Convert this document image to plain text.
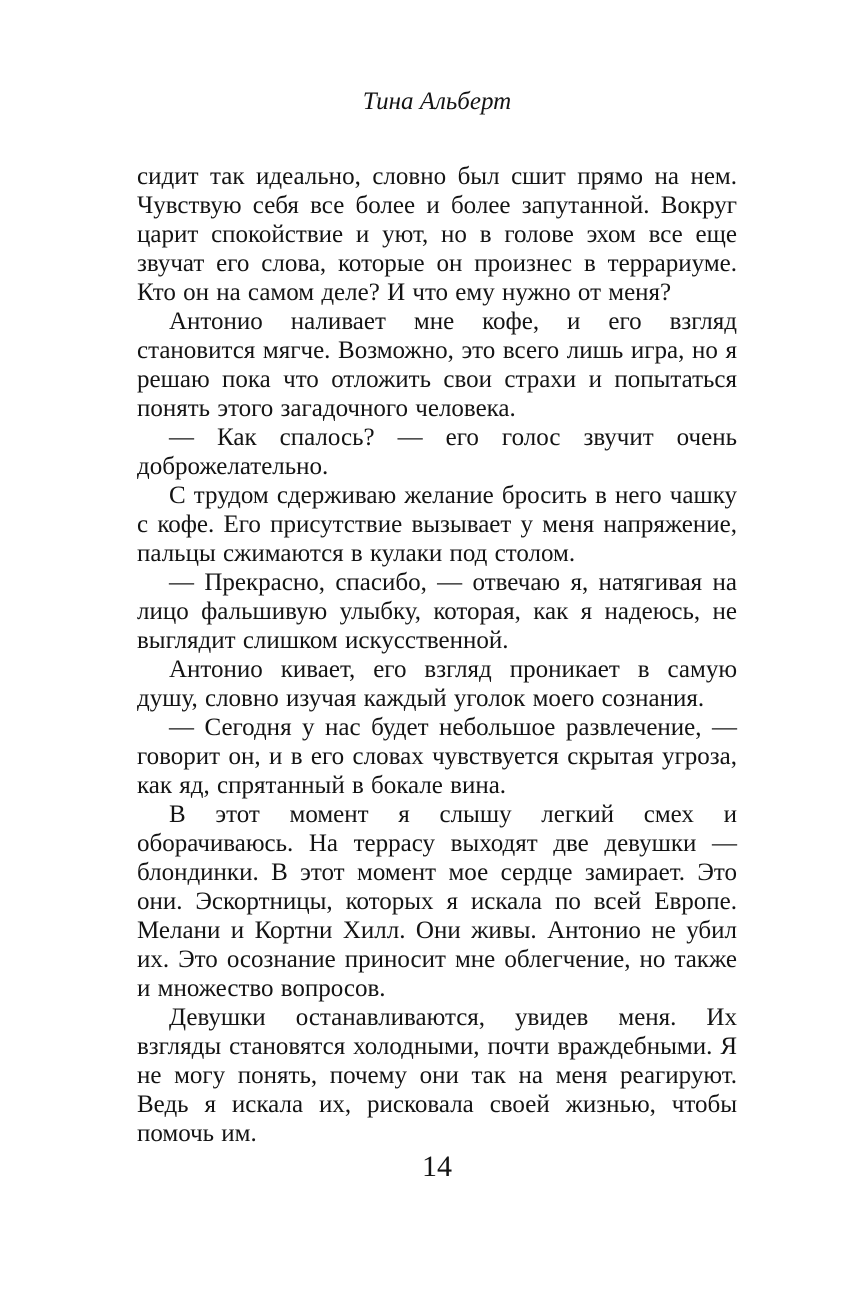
Тина Альберт

сидит так идеально, словно был сшит прямо на нем. Чувствую себя все более и более запутанной. Вокруг царит спокойствие и уют, но в голове эхом все еще звучат его слова, которые он произнес в террариуме. Кто он на самом деле? И что ему нужно от меня?

Антонио наливает мне кофе, и его взгляд становится мягче. Возможно, это всего лишь игра, но я решаю пока что отложить свои страхи и попытаться понять этого загадочного человека.

— Как спалось? — его голос звучит очень доброжелательно.

С трудом сдерживаю желание бросить в него чашку с кофе. Его присутствие вызывает у меня напряжение, пальцы сжимаются в кулаки под столом.

— Прекрасно, спасибо, — отвечаю я, натягивая на лицо фальшивую улыбку, которая, как я надеюсь, не выглядит слишком искусственной.

Антонио кивает, его взгляд проникает в самую душу, словно изучая каждый уголок моего сознания.

— Сегодня у нас будет небольшое развлечение, — говорит он, и в его словах чувствуется скрытая угроза, как яд, спрятанный в бокале вина.

В этот момент я слышу легкий смех и оборачиваюсь. На террасу выходят две девушки — блондинки. В этот момент мое сердце замирает. Это они. Эскортницы, которых я искала по всей Европе. Мелани и Кортни Хилл. Они живы. Антонио не убил их. Это осознание приносит мне облегчение, но также и множество вопросов.

Девушки останавливаются, увидев меня. Их взгляды становятся холодными, почти враждебными. Я не могу понять, почему они так на меня реагируют. Ведь я искала их, рисковала своей жизнью, чтобы помочь им.

14
